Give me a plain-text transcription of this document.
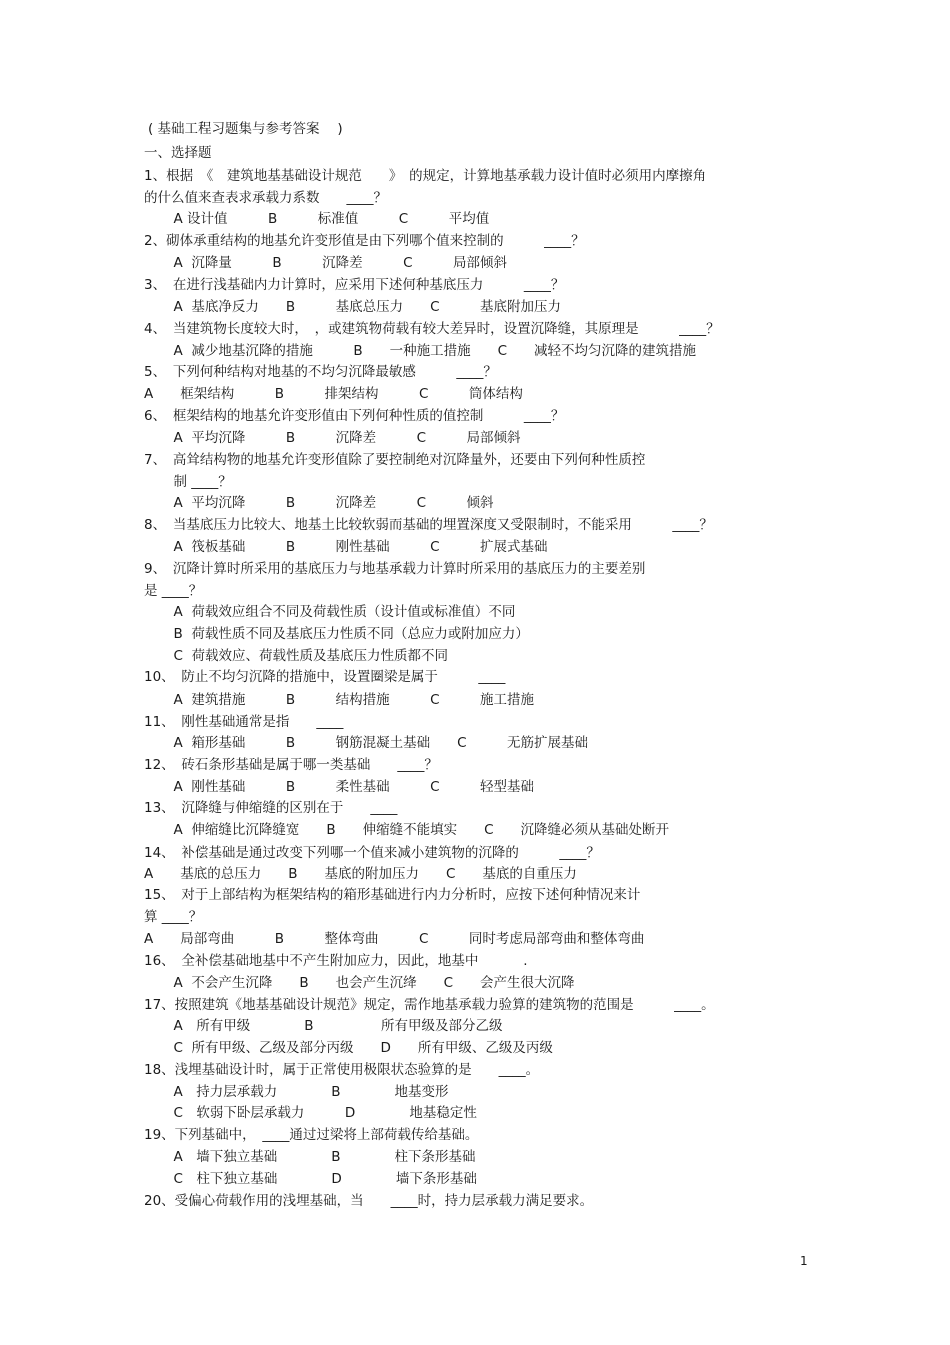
( 基础工程习题集与参考答案　 )
一、选择题
1、根据　《　建筑地基基础设计规范　　》　的规定，计算地基承载力设计值时必须用内摩擦角
的什么值来查表求承载力系数　　____？
　A 设计值　　　B　　　标准值　　　C　　　平均值
2、砌体承重结构的地基允许变形值是由下列哪个值来控制的　　　____？
　A  沉降量　　　B　　　沉降差　　　C　　　局部倾斜
3、　在进行浅基础内力计算时，应采用下述何种基底压力　　　____？
　A  基底净反力　　B　　　基底总压力　　C　　　基底附加压力
4、　当建筑物长度较大时，　，或建筑物荷载有较大差异时，设置沉降缝，其原理是　　　____？
　A  减少地基沉降的措施　　　B　　一种施工措施　　C　　减轻不均匀沉降的建筑措施
5、　下列何种结构对地基的不均匀沉降最敏感　　　____？
A　　框架结构　　　B　　　排架结构　　　C　　　筒体结构
6、　框架结构的地基允许变形值由下列何种性质的值控制　　　____？
　A  平均沉降　　　B　　　沉降差　　　C　　　局部倾斜
7、　高耸结构物的地基允许变形值除了要控制绝对沉降量外，还要由下列何种性质控
　制 ____？
　A  平均沉降　　　B　　　沉降差　　　C　　　倾斜
8、　当基底压力比较大、地基土比较软弱而基础的埋置深度又受限制时，不能采用　　　____？
　A  筏板基础　　　B　　　刚性基础　　　C　　　扩展式基础
9、　沉降计算时所采用的基底压力与地基承载力计算时所采用的基底压力的主要差别
是 ____？
　A  荷载效应组合不同及荷载性质（设计值或标准值）不同
　B  荷载性质不同及基底压力性质不同（总应力或附加应力）
　C  荷载效应、荷载性质及基底压力性质都不同
10、　防止不均匀沉降的措施中，设置圈梁是属于　　　____
　A  建筑措施　　　B　　　结构措施　　　C　　　施工措施
11、　刚性基础通常是指　　____
　A  箱形基础　　　B　　　钢筋混凝土基础　　C　　　无筋扩展基础
12、　砖石条形基础是属于哪一类基础　　____？
　A  刚性基础　　　B　　　柔性基础　　　C　　　轻型基础
13、　沉降缝与伸缩缝的区别在于　　____
　A  伸缩缝比沉降缝宽　　B　　伸缩缝不能填实　　C　　沉降缝必须从基础处断开
14、　补偿基础是通过改变下列哪一个值来减小建筑物的沉降的　　　____？
A　　基底的总压力　　B　　基底的附加压力　　C　　基底的自重压力
15、　对于上部结构为框架结构的箱形基础进行内力分析时，应按下述何种情况来计
算 ____？
A　　局部弯曲　　　B　　　整体弯曲　　　C　　　同时考虑局部弯曲和整体弯曲
16、　全补偿基础地基中不产生附加应力，因此，地基中　　　 .
　A  不会产生沉降　　B　　也会产生沉绛　　C　　会产生很大沉降
17、按照建筑《地基基础设计规范》规定，需作地基承载力验算的建筑物的范围是　　　____。
　A　所有甲级　　　　B　　　　　所有甲级及部分乙级
　C  所有甲级、乙级及部分丙级　　D　　所有甲级、乙级及丙级
18、浅埋基础设计时，属于正常使用极限状态验算的是　　____。
　A　持力层承载力　　　　B　　　　地基变形
　C　软弱下卧层承载力　　　D　　　　地基稳定性
19、下列基础中，　____通过过梁将上部荷载传给基础。
　A　墙下独立基础　　　　B　　　　柱下条形基础
　C　柱下独立基础　　　　D　　　　墙下条形基础
20、受偏心荷载作用的浅埋基础，当　　____时，持力层承载力满足要求。
1
